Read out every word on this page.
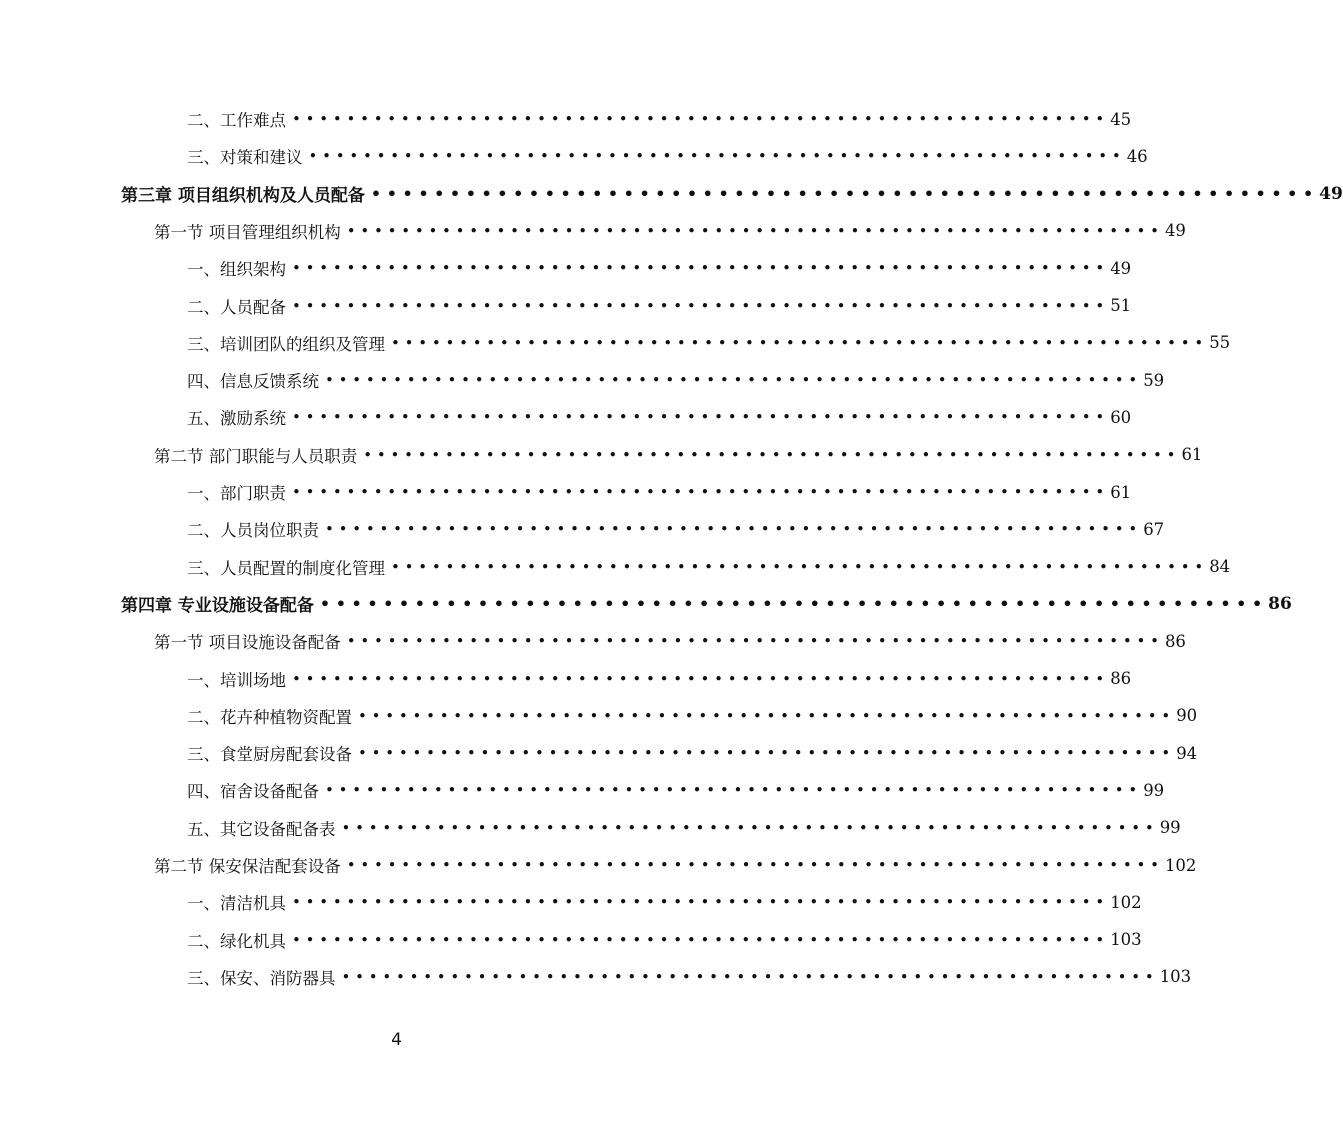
二、工作难点 • • • • • • • • • • • • • • • • • • • • • • • • • • • • • • • • • • • • • • • • • • • • • • • • • • • • • • • • • • • • 45
三、对策和建议 • • • • • • • • • • • • • • • • • • • • • • • • • • • • • • • • • • • • • • • • • • • • • • • • • • • • • • • • • • • • 46
第三章 项目组织机构及人员配备 • • • • • • • • • • • • • • • • • • • • • • • • • • • • • • • • • • • • • • • • • • • • • • • • • • • • • • • • • • • • 49
第一节 项目管理组织机构 • • • • • • • • • • • • • • • • • • • • • • • • • • • • • • • • • • • • • • • • • • • • • • • • • • • • • • • • • • • • 49
一、组织架构 • • • • • • • • • • • • • • • • • • • • • • • • • • • • • • • • • • • • • • • • • • • • • • • • • • • • • • • • • • • • 49
二、人员配备 • • • • • • • • • • • • • • • • • • • • • • • • • • • • • • • • • • • • • • • • • • • • • • • • • • • • • • • • • • • • 51
三、培训团队的组织及管理 • • • • • • • • • • • • • • • • • • • • • • • • • • • • • • • • • • • • • • • • • • • • • • • • • • • • • • • • • • • • 55
四、信息反馈系统 • • • • • • • • • • • • • • • • • • • • • • • • • • • • • • • • • • • • • • • • • • • • • • • • • • • • • • • • • • • • 59
五、激励系统 • • • • • • • • • • • • • • • • • • • • • • • • • • • • • • • • • • • • • • • • • • • • • • • • • • • • • • • • • • • • 60
第二节 部门职能与人员职责 • • • • • • • • • • • • • • • • • • • • • • • • • • • • • • • • • • • • • • • • • • • • • • • • • • • • • • • • • • • • 61
一、部门职责 • • • • • • • • • • • • • • • • • • • • • • • • • • • • • • • • • • • • • • • • • • • • • • • • • • • • • • • • • • • • 61
二、人员岗位职责 • • • • • • • • • • • • • • • • • • • • • • • • • • • • • • • • • • • • • • • • • • • • • • • • • • • • • • • • • • • • 67
三、人员配置的制度化管理 • • • • • • • • • • • • • • • • • • • • • • • • • • • • • • • • • • • • • • • • • • • • • • • • • • • • • • • • • • • • 84
第四章 专业设施设备配备 • • • • • • • • • • • • • • • • • • • • • • • • • • • • • • • • • • • • • • • • • • • • • • • • • • • • • • • • • • • • 86
第一节 项目设施设备配备 • • • • • • • • • • • • • • • • • • • • • • • • • • • • • • • • • • • • • • • • • • • • • • • • • • • • • • • • • • • • 86
一、培训场地 • • • • • • • • • • • • • • • • • • • • • • • • • • • • • • • • • • • • • • • • • • • • • • • • • • • • • • • • • • • • 86
二、花卉种植物资配置 • • • • • • • • • • • • • • • • • • • • • • • • • • • • • • • • • • • • • • • • • • • • • • • • • • • • • • • • • • • • 90
三、食堂厨房配套设备 • • • • • • • • • • • • • • • • • • • • • • • • • • • • • • • • • • • • • • • • • • • • • • • • • • • • • • • • • • • • 94
四、宿舍设备配备 • • • • • • • • • • • • • • • • • • • • • • • • • • • • • • • • • • • • • • • • • • • • • • • • • • • • • • • • • • • • 99
五、其它设备配备表 • • • • • • • • • • • • • • • • • • • • • • • • • • • • • • • • • • • • • • • • • • • • • • • • • • • • • • • • • • • • 99
第二节 保安保洁配套设备 • • • • • • • • • • • • • • • • • • • • • • • • • • • • • • • • • • • • • • • • • • • • • • • • • • • • • • • • • • • • 102
一、清洁机具 • • • • • • • • • • • • • • • • • • • • • • • • • • • • • • • • • • • • • • • • • • • • • • • • • • • • • • • • • • • • 102
二、绿化机具 • • • • • • • • • • • • • • • • • • • • • • • • • • • • • • • • • • • • • • • • • • • • • • • • • • • • • • • • • • • • 103
三、保安、消防器具 • • • • • • • • • • • • • • • • • • • • • • • • • • • • • • • • • • • • • • • • • • • • • • • • • • • • • • • • • • • • 103
4
